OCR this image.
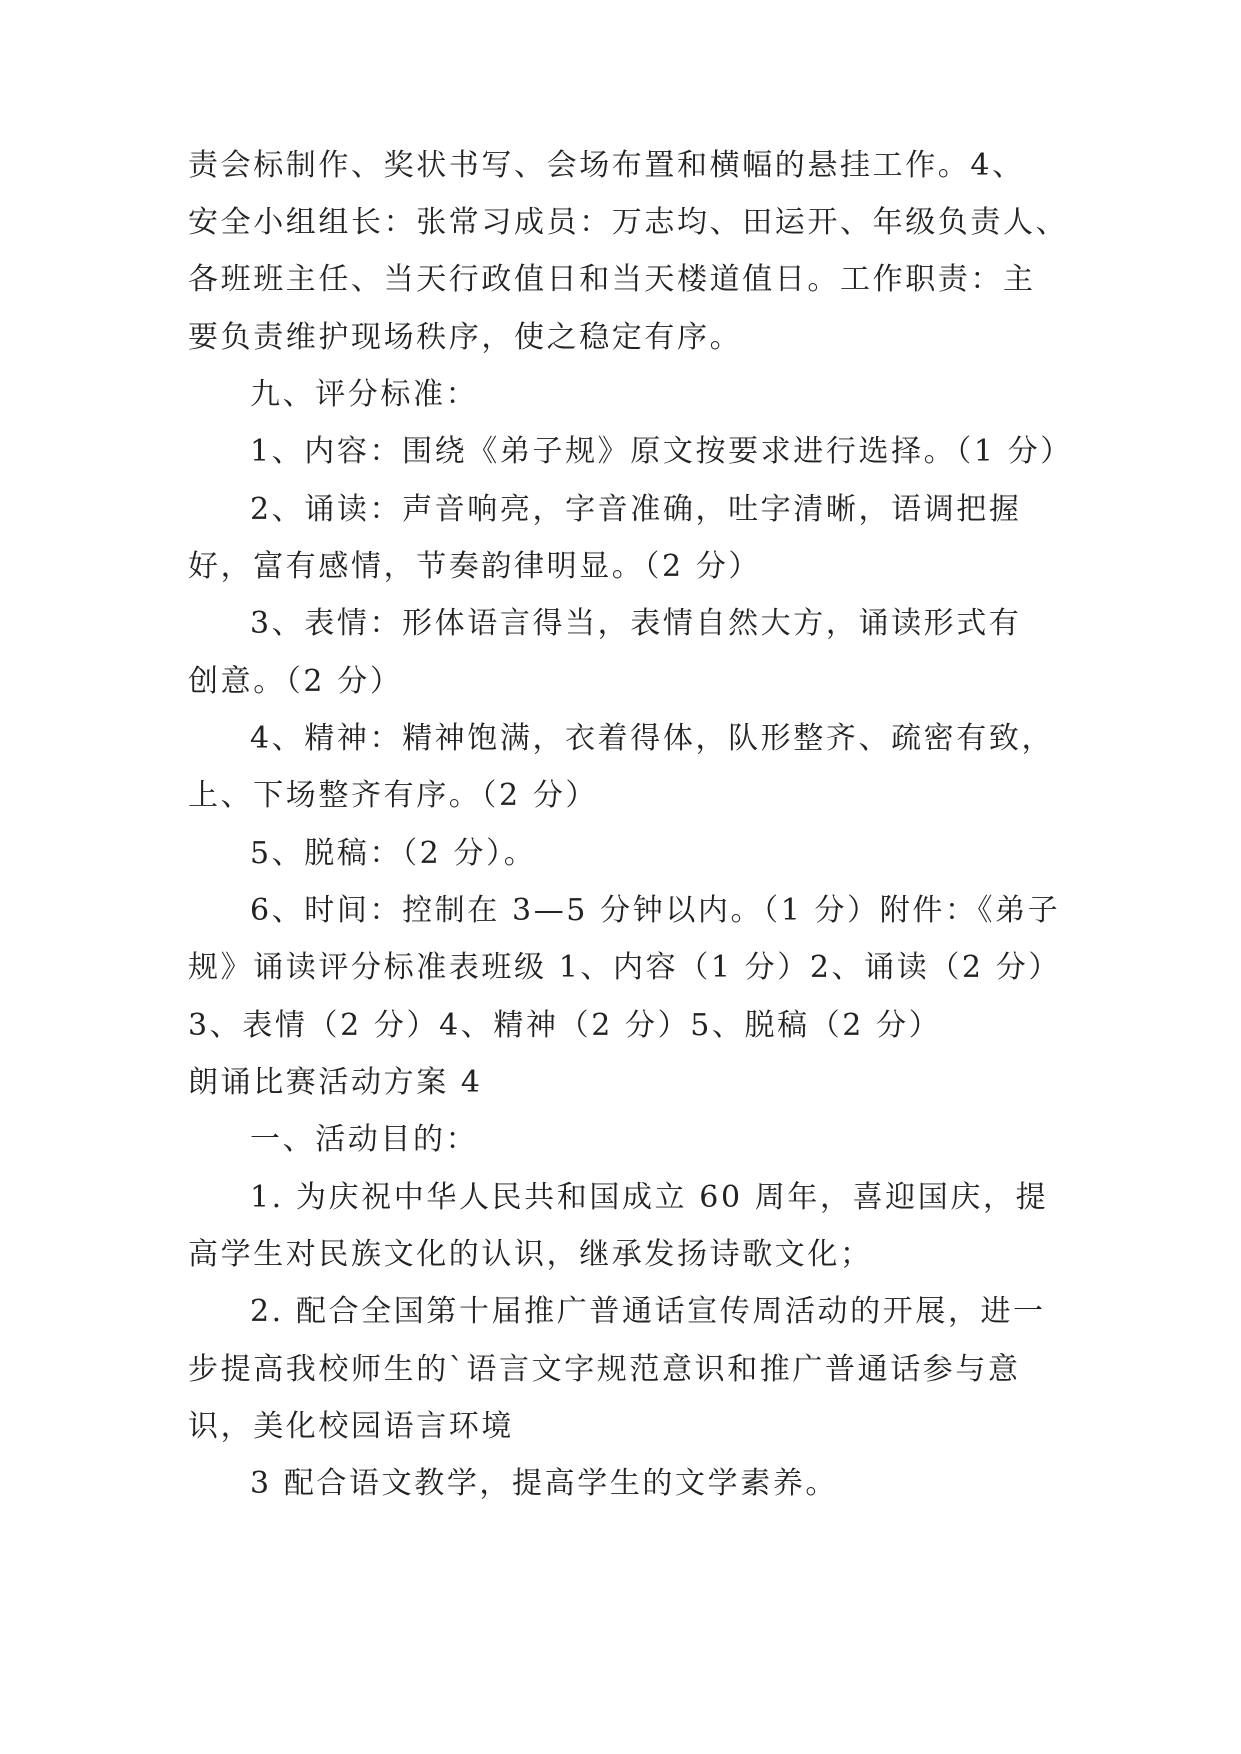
责会标制作、奖状书写、会场布置和横幅的悬挂工作。4、
安全小组组长：张常习成员：万志均、田运开、年级负责人、
各班班主任、当天行政值日和当天楼道值日。工作职责：主
要负责维护现场秩序，使之稳定有序。
九、评分标准：
1、内容：围绕《弟子规》原文按要求进行选择。（1 分）
2、诵读：声音响亮，字音准确，吐字清晰，语调把握
好，富有感情，节奏韵律明显。（2 分）
3、表情：形体语言得当，表情自然大方，诵读形式有
创意。（2 分）
4、精神：精神饱满，衣着得体，队形整齐、疏密有致，
上、下场整齐有序。（2 分）
5、脱稿：（2 分）。
6、时间：控制在 3—5 分钟以内。（1 分）附件：《弟子
规》诵读评分标准表班级 1、内容（1 分）2、诵读（2 分）
3、表情（2 分）4、精神（2 分）5、脱稿（2 分）
朗诵比赛活动方案 4
一、活动目的：
1. 为庆祝中华人民共和国成立 60 周年，喜迎国庆，提
高学生对民族文化的认识，继承发扬诗歌文化；
2. 配合全国第十届推广普通话宣传周活动的开展，进一
步提高我校师生的`语言文字规范意识和推广普通话参与意
识，美化校园语言环境
3 配合语文教学，提高学生的文学素养。
